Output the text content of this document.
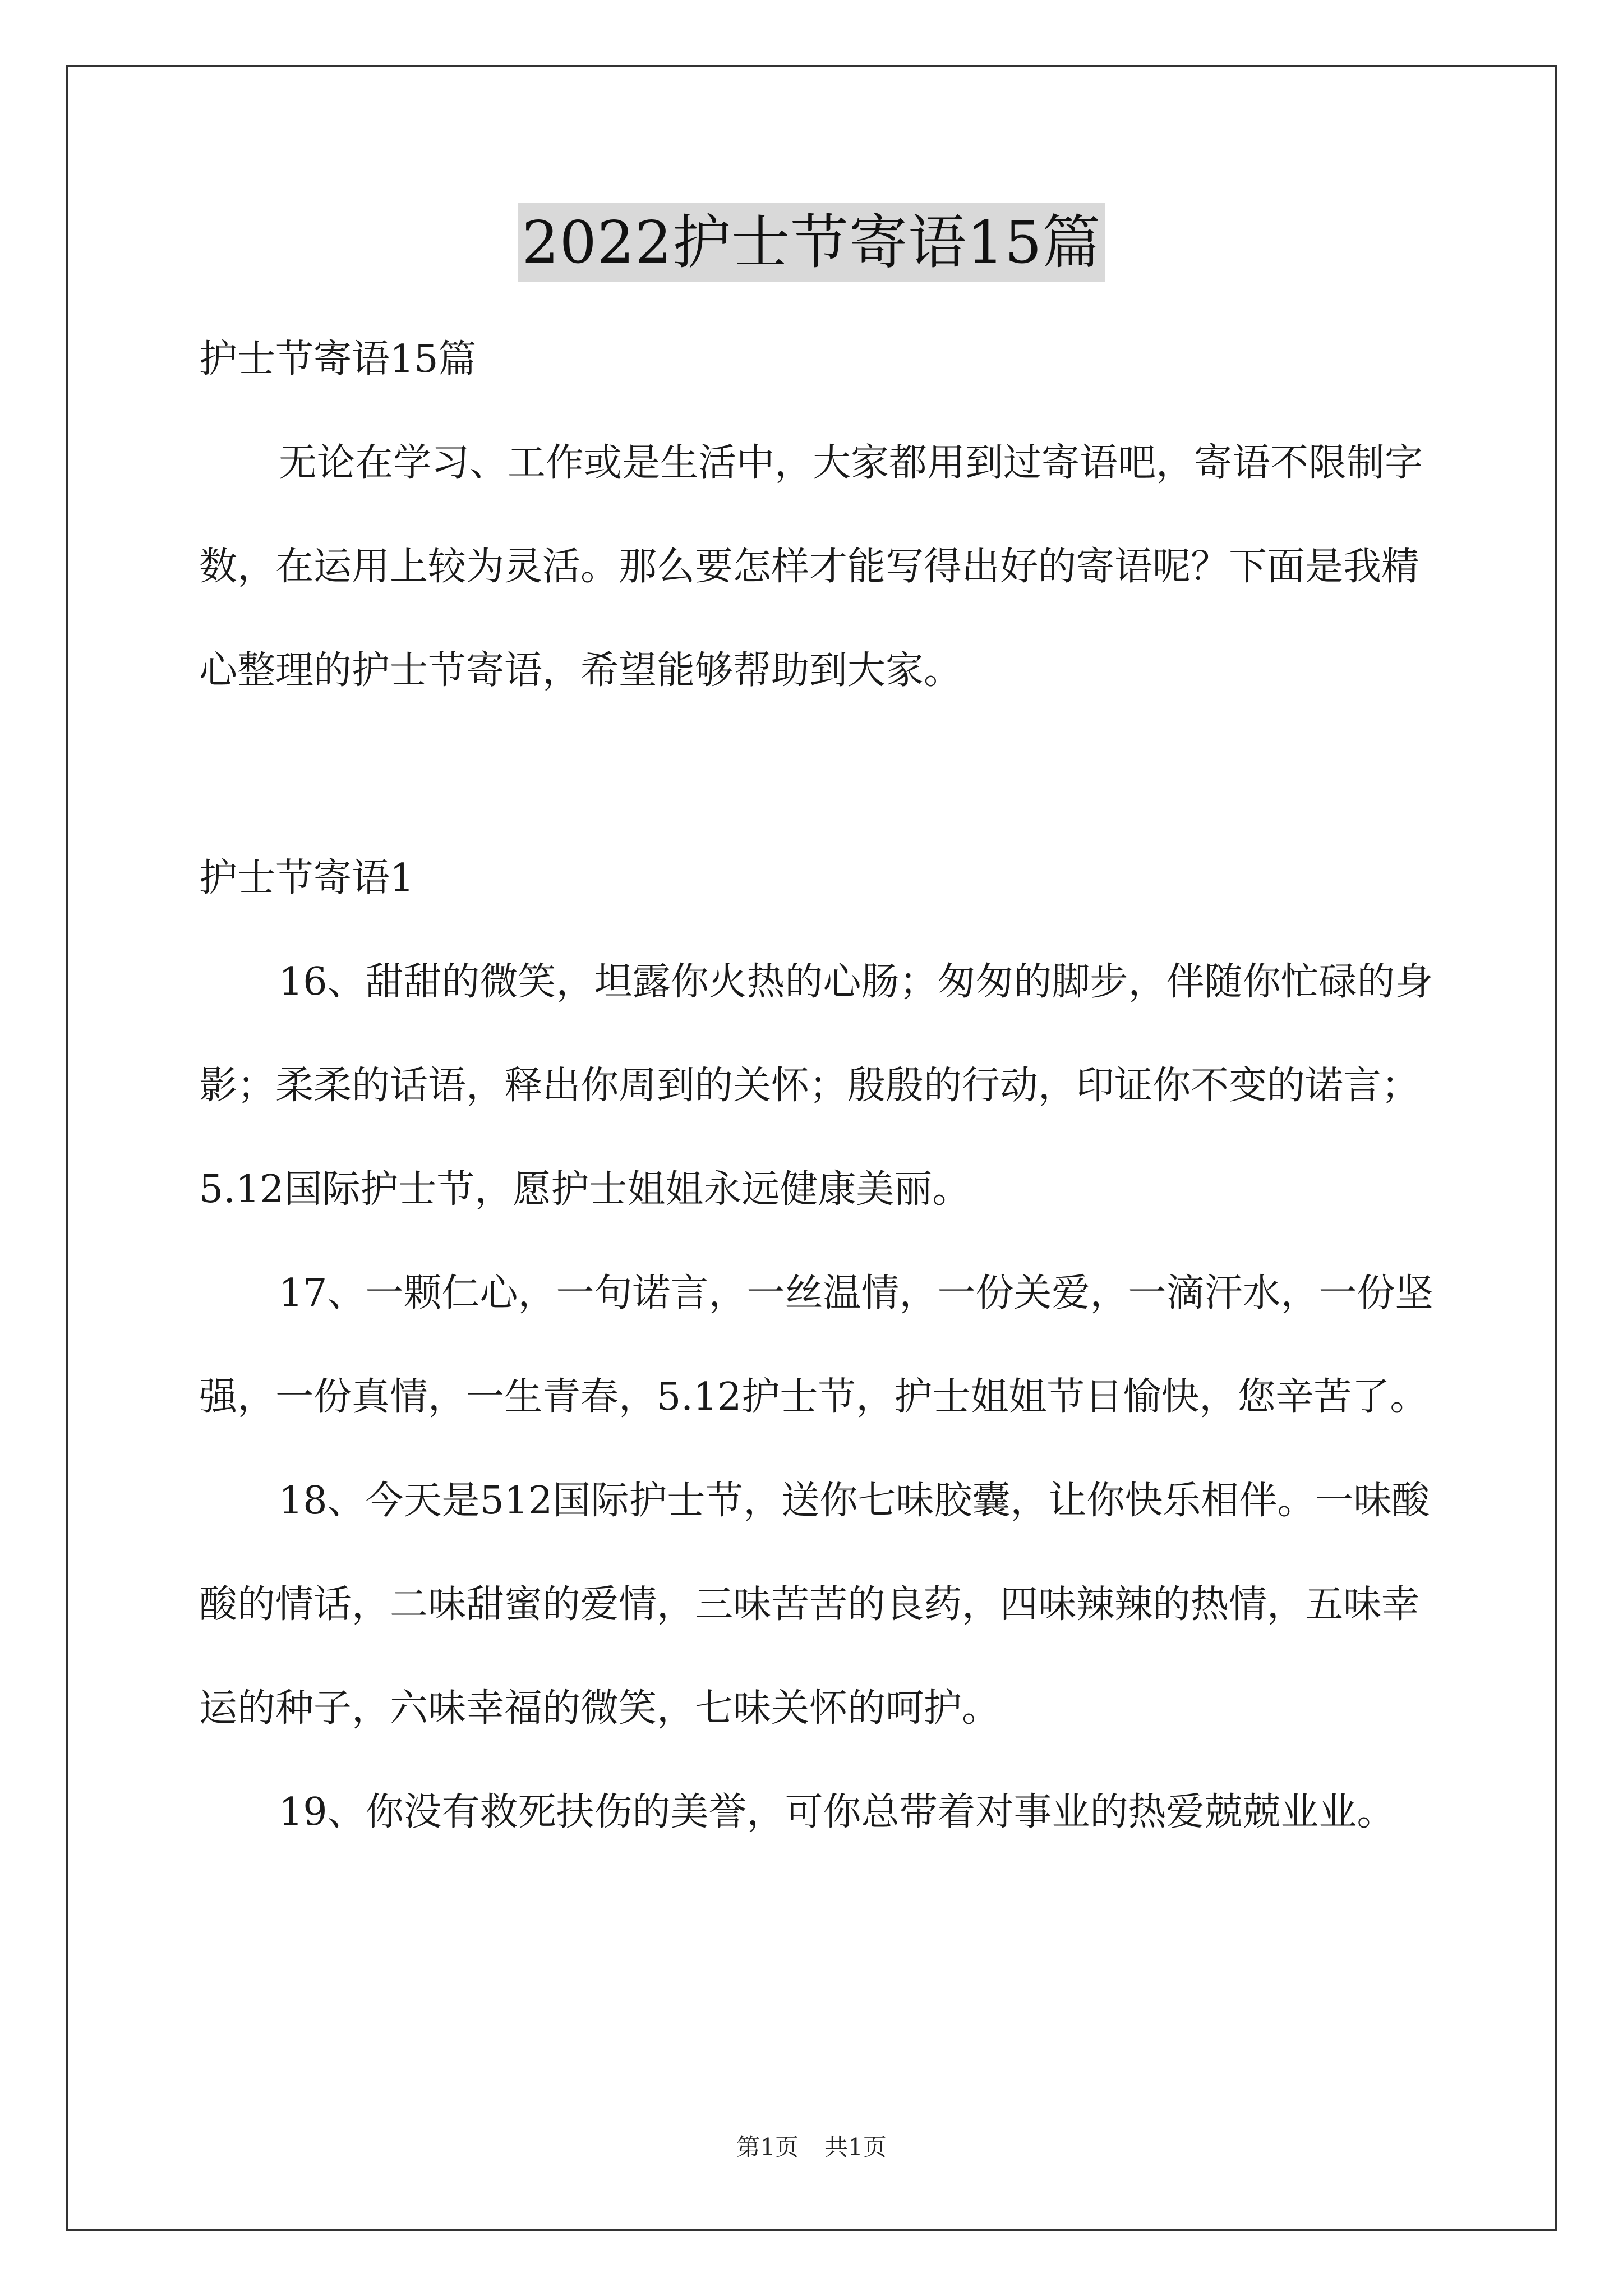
2022护士节寄语15篇

护士节寄语15篇

无论在学习、工作或是生活中，大家都用到过寄语吧，寄语不限制字数，在运用上较为灵活。那么要怎样才能写得出好的寄语呢？下面是我精心整理的护士节寄语，希望能够帮助到大家。

护士节寄语1

16、甜甜的微笑，坦露你火热的心肠；匆匆的脚步，伴随你忙碌的身影；柔柔的话语，释出你周到的关怀；殷殷的行动，印证你不变的诺言；5.12国际护士节，愿护士姐姐永远健康美丽。

17、一颗仁心，一句诺言，一丝温情，一份关爱，一滴汗水，一份坚强，一份真情，一生青春，5.12护士节，护士姐姐节日愉快，您辛苦了。

18、今天是512国际护士节，送你七味胶囊，让你快乐相伴。一味酸酸的情话，二味甜蜜的爱情，三味苦苦的良药，四味辣辣的热情，五味幸运的种子，六味幸福的微笑，七味关怀的呵护。

19、你没有救死扶伤的美誉，可你总带着对事业的热爱兢兢业业。

第1页 共1页
